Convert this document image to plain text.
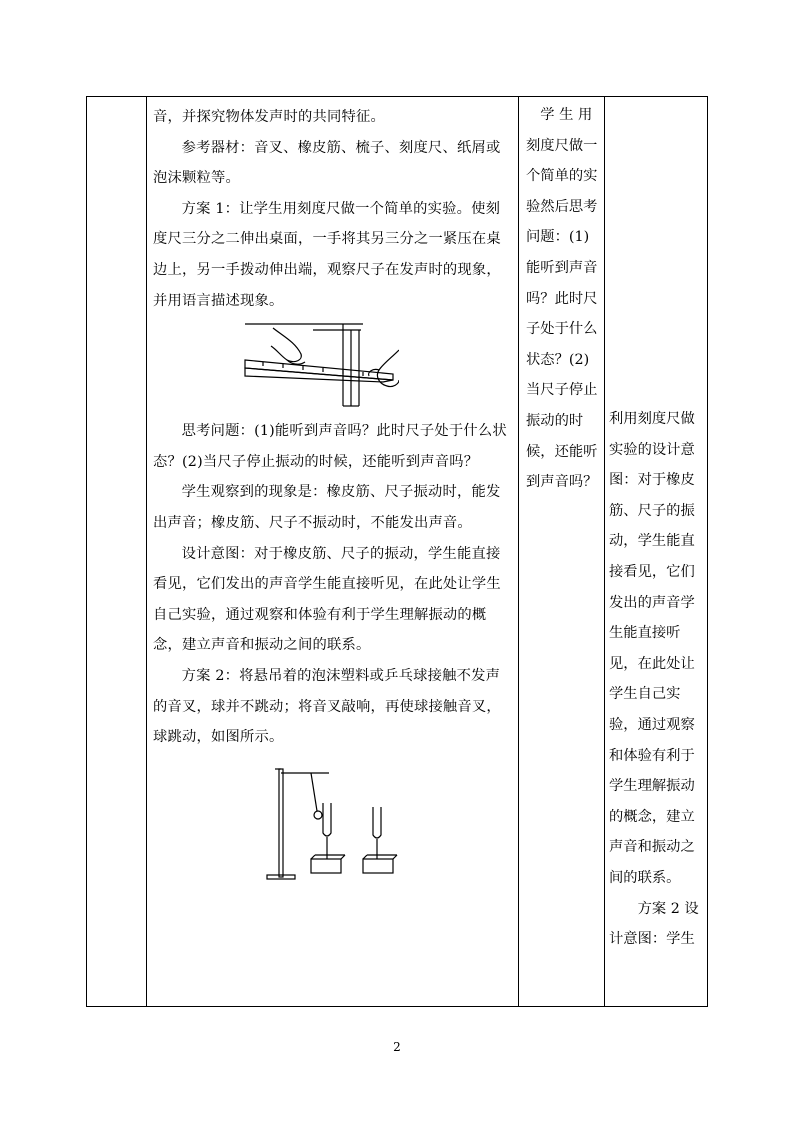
音，并探究物体发声时的共同特征。

参考器材：音叉、橡皮筋、梳子、刻度尺、纸屑或泡沫颗粒等。

方案 1：让学生用刻度尺做一个简单的实验。使刻度尺三分之二伸出桌面，一手将其另三分之一紧压在桌边上，另一手拨动伸出端，观察尺子在发声时的现象，并用语言描述现象。

思考问题：(1)能听到声音吗？此时尺子处于什么状态？(2)当尺子停止振动的时候，还能听到声音吗？

学生观察到的现象是：橡皮筋、尺子振动时，能发出声音；橡皮筋、尺子不振动时，不能发出声音。

设计意图：对于橡皮筋、尺子的振动，学生能直接看见，它们发出的声音学生能直接听见，在此处让学生自己实验，通过观察和体验有利于学生理解振动的概念，建立声音和振动之间的联系。

方案 2：将悬吊着的泡沫塑料或乒乓球接触不发声的音叉，球并不跳动；将音叉敲响，再使球接触音叉，球跳动，如图所示。

　学 生 用刻度尺做一个简单的实验然后思考问题：(1)能听到声音吗？此时尺子处于什么状态？(2)当尺子停止振动的时候，还能听到声音吗？

利用刻度尺做实验的设计意图：对于橡皮筋、尺子的振动，学生能直接看见，它们发出的声音学生能直接听见，在此处让学生自己实验，通过观察和体验有利于学生理解振动的概念，建立声音和振动之间的联系。

方案 2 设计意图：学生

2
